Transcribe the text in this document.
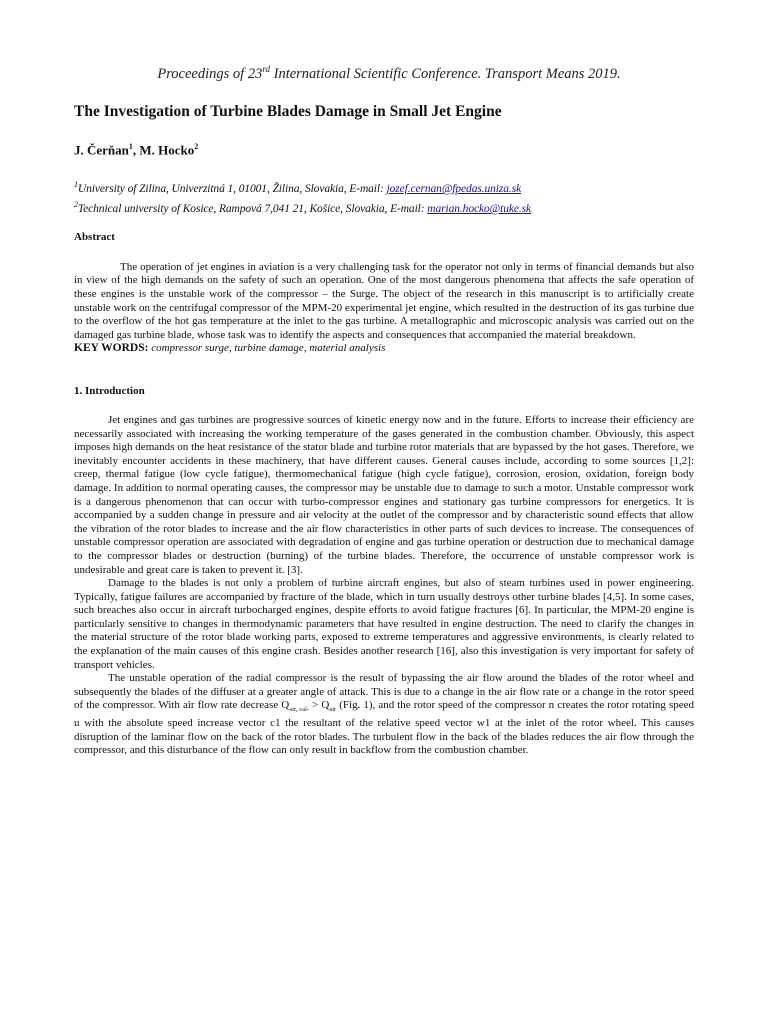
Proceedings of 23rd International Scientific Conference. Transport Means 2019.
The Investigation of Turbine Blades Damage in Small Jet Engine
J. Čerňan$^1$, M. Hocko$^2$
$^1$University of Zilina, Univerzitná 1, 01001, Žilina, Slovakia, E-mail: jozef.cernan@fpedas.uniza.sk
$^2$Technical university of Kosice, Rampová 7,041 21, Košice, Slovakia, E-mail: marian.hocko@tuke.sk
Abstract

The operation of jet engines in aviation is a very challenging task for the operator not only in terms of financial demands but also in view of the high demands on the safety of such an operation. One of the most dangerous phenomena that affects the safe operation of these engines is the unstable work of the compressor – the Surge. The object of the research in this manuscript is to artificially create unstable work on the centrifugal compressor of the MPM-20 experimental jet engine, which resulted in the destruction of its gas turbine due to the overflow of the hot gas temperature at the inlet to the gas turbine. A metallographic and microscopic analysis was carried out on the damaged gas turbine blade, whose task was to identify the aspects and consequences that accompanied the material breakdown.

KEY WORDS: compressor surge, turbine damage, material analysis
1. Introduction

Jet engines and gas turbines are progressive sources of kinetic energy now and in the future. Efforts to increase their efficiency are necessarily associated with increasing the working temperature of the gases generated in the combustion chamber. Obviously, this aspect imposes high demands on the heat resistance of the stator blade and turbine rotor materials that are bypassed by the hot gases. Therefore, we inevitably encounter accidents in these machinery, that have different causes. General causes include, according to some sources [1,2]: creep, thermal fatigue (low cycle fatigue), thermomechanical fatigue (high cycle fatigue), corrosion, erosion, oxidation, foreign body damage. In addition to normal operating causes, the compressor may be unstable due to damage to such a motor. Unstable compressor work is a dangerous phenomenon that can occur with turbo-compressor engines and stationary gas turbine compressors for energetics. It is accompanied by a sudden change in pressure and air velocity at the outlet of the compressor and by characteristic sound effects that allow the vibration of the rotor blades to increase and the air flow characteristics in other parts of such devices to increase. The consequences of unstable compressor operation are associated with degradation of engine and gas turbine operation or destruction due to mechanical damage to the compressor blades or destruction (burning) of the turbine blades. Therefore, the occurrence of unstable compressor work is undesirable and great care is taken to prevent it. [3].

Damage to the blades is not only a problem of turbine aircraft engines, but also of steam turbines used in power engineering. Typically, fatigue failures are accompanied by fracture of the blade, which in turn usually destroys other turbine blades [4,5]. In some cases, such breaches also occur in aircraft turbocharged engines, despite efforts to avoid fatigue fractures [6]. In particular, the MPM-20 engine is particularly sensitive to changes in thermodynamic parameters that have resulted in engine destruction. The need to clarify the changes in the material structure of the rotor blade working parts, exposed to extreme temperatures and aggressive environments, is clearly related to the explanation of the main causes of this engine crash. Besides another research [16], also this investigation is very important for safety of transport vehicles.

The unstable operation of the radial compressor is the result of bypassing the air flow around the blades of the rotor wheel and subsequently the blades of the diffuser at a greater angle of attack. This is due to a change in the air flow rate or a change in the rotor speed of the compressor. With air flow rate decrease $Q_{air, cal-} > Q_{air}$ (Fig. 1), and the rotor speed of the compressor n creates the rotor rotating speed u with the absolute speed increase vector c1 the resultant of the relative speed vector w1 at the inlet of the rotor wheel. This causes disruption of the laminar flow on the back of the rotor blades. The turbulent flow in the back of the blades reduces the air flow through the compressor, and this disturbance of the flow can only result in backflow from the combustion chamber.
